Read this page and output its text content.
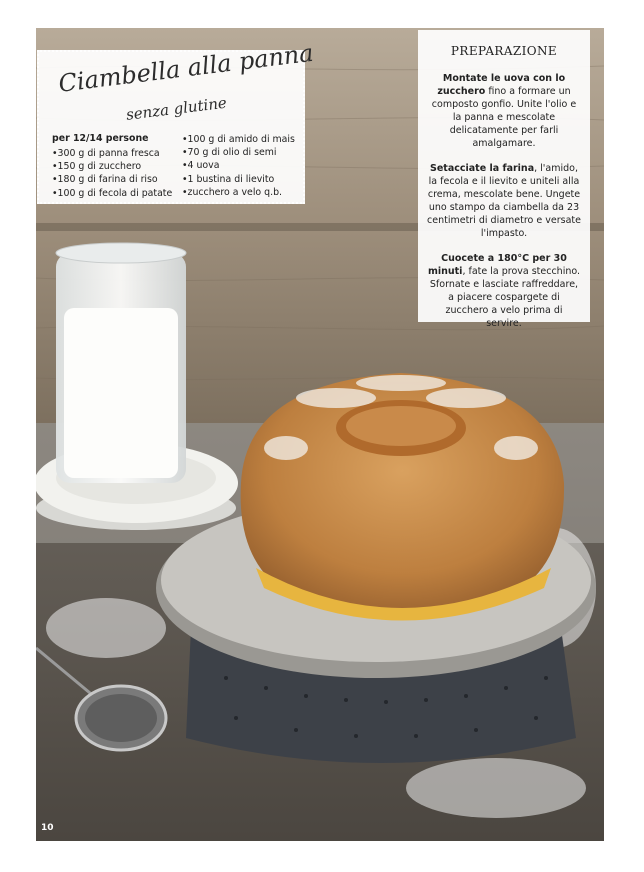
Ciambella alla panna
senza glutine
per 12/14 persone
•300 g di panna fresca
•150 g di zucchero
•180 g di farina di riso
•100 g di fecola di patate
•100 g di amido di mais
•70 g di olio di semi
•4 uova
•1 bustina di lievito
•zucchero a velo q.b.
PREPARAZIONE

Montate le uova con lo zucchero fino a formare un composto gonfio. Unite l'olio e la panna e mescolate delicatamente per farli amalgamare.

Setacciate la farina, l'amido, la fecola e il lievito e uniteli alla crema, mescolate bene. Ungete uno stampo da ciambella da 23 centimetri di diametro e versate l'impasto.

Cuocete a 180°C per 30 minuti, fate la prova stecchino. Sfornate e lasciate raffreddare, a piacere cospargete di zucchero a velo prima di servire.

10
